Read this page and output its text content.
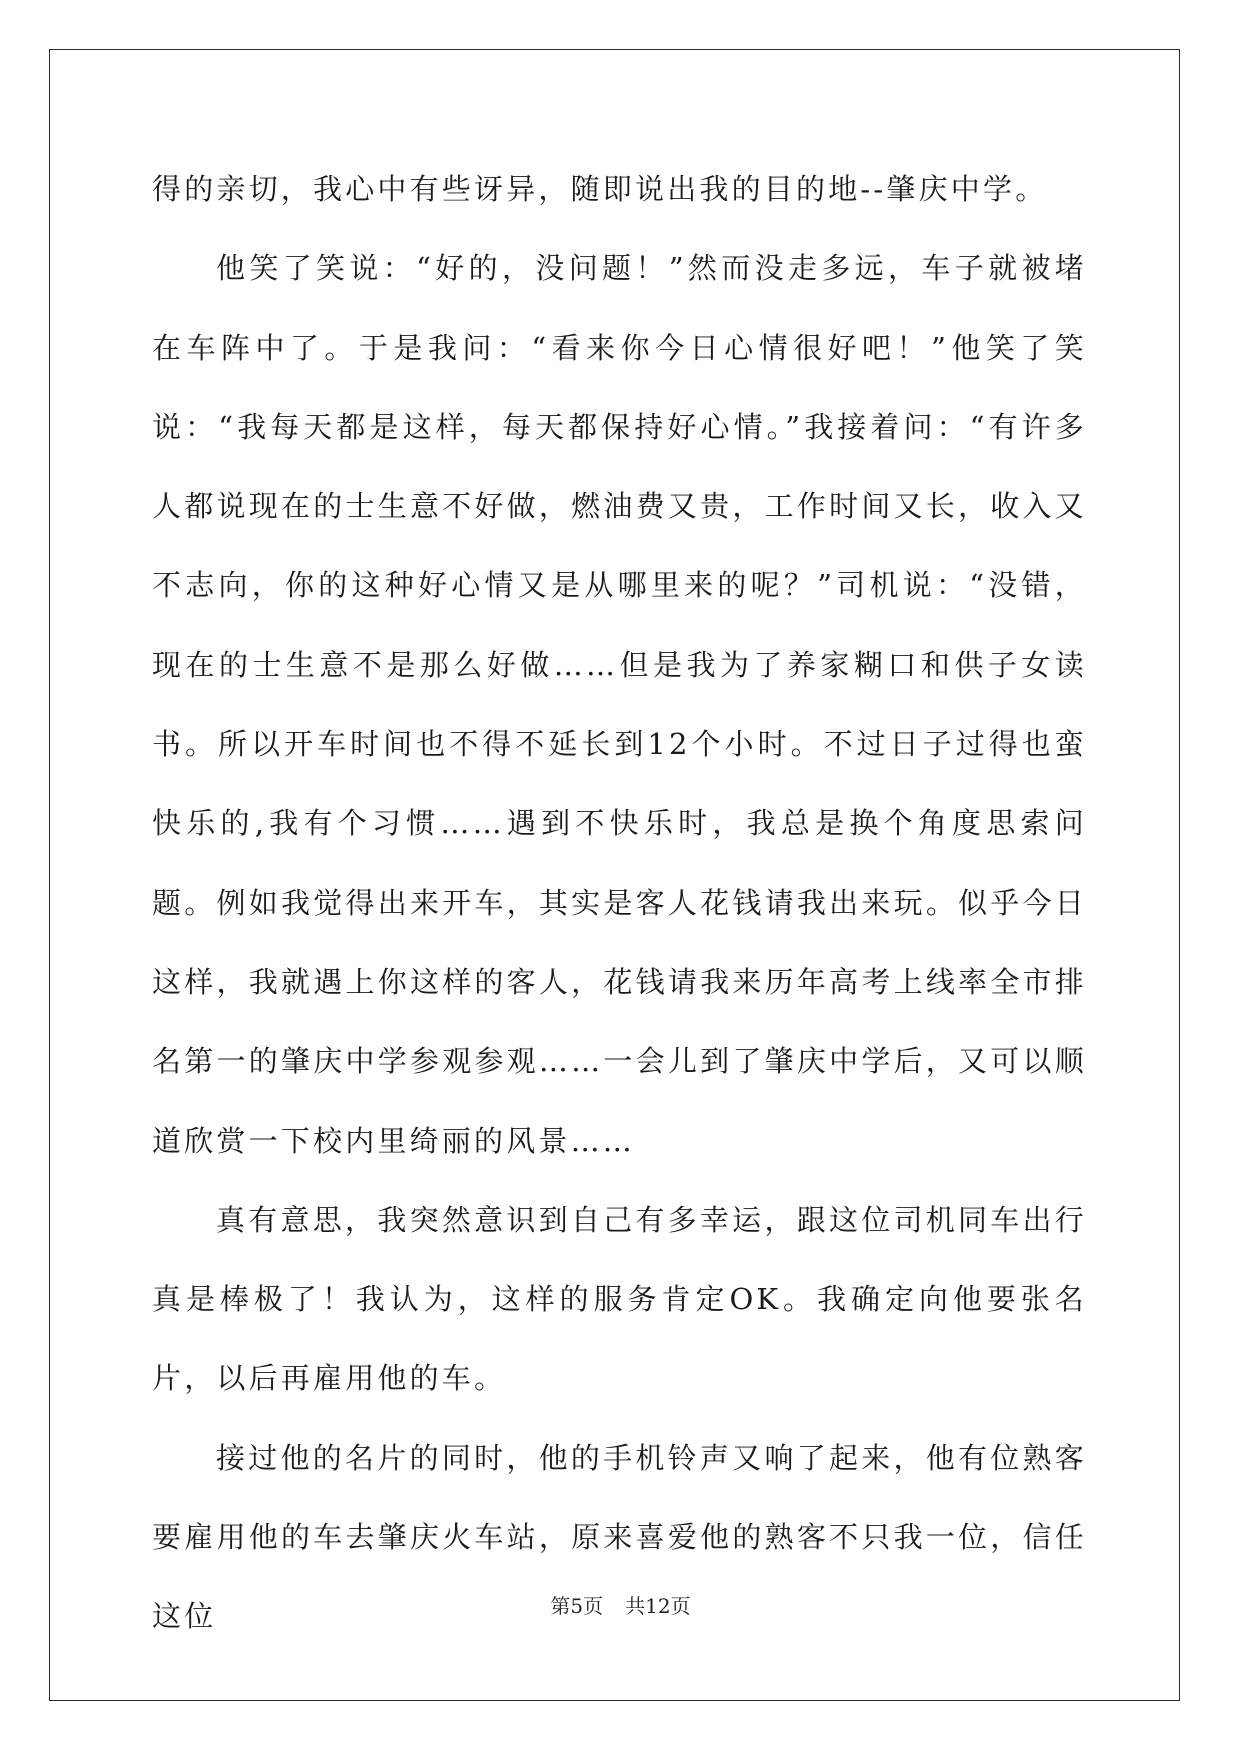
得的亲切，我心中有些讶异，随即说出我的目的地--肇庆中学。

他笑了笑说：“好的，没问题！”然而没走多远，车子就被堵在车阵中了。于是我问：“看来你今日心情很好吧！”他笑了笑说：“我每天都是这样，每天都保持好心情。”我接着问：“有许多人都说现在的士生意不好做，燃油费又贵，工作时间又长，收入又不志向，你的这种好心情又是从哪里来的呢？”司机说：“没错，现在的士生意不是那么好做……但是我为了养家糊口和供子女读书。所以开车时间也不得不延长到12个小时。不过日子过得也蛮快乐的,我有个习惯……遇到不快乐时，我总是换个角度思索问题。例如我觉得出来开车，其实是客人花钱请我出来玩。似乎今日这样，我就遇上你这样的客人，花钱请我来历年高考上线率全市排名第一的肇庆中学参观参观……一会儿到了肇庆中学后，又可以顺道欣赏一下校内里绮丽的风景……

真有意思，我突然意识到自己有多幸运，跟这位司机同车出行真是棒极了！我认为，这样的服务肯定OK。我确定向他要张名片，以后再雇用他的车。

接过他的名片的同时，他的手机铃声又响了起来，他有位熟客要雇用他的车去肇庆火车站，原来喜爱他的熟客不只我一位，信任这位	第5页 共12页
